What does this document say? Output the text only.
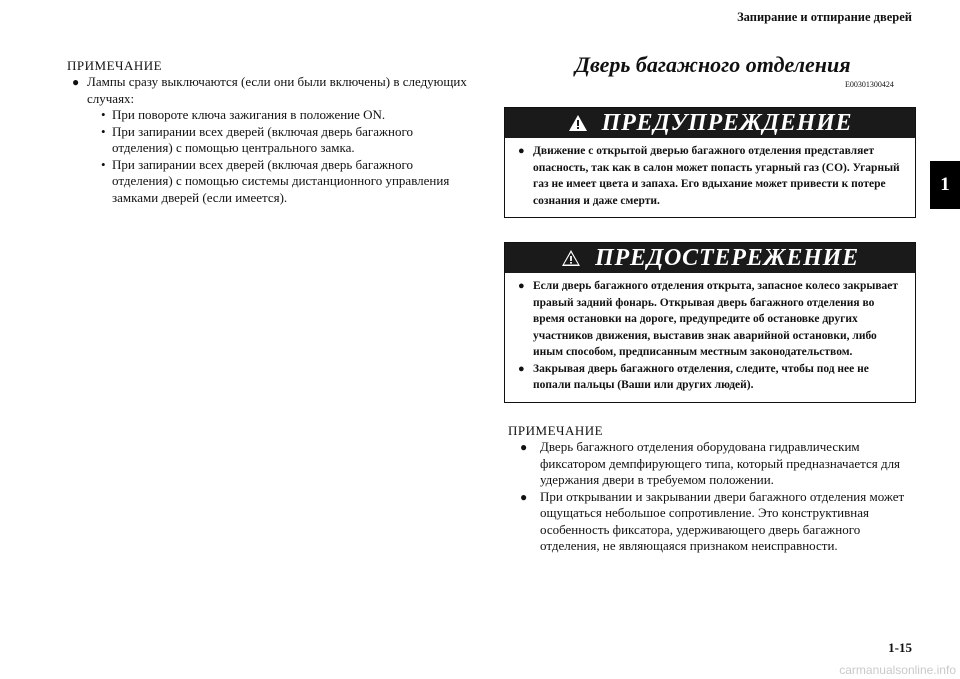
Запирание и отпирание дверей
1
ПРИМЕЧАНИЕ
● Лампы сразу выключаются (если они были включены) в следующих случаях:
• При повороте ключа зажигания в положение ON.
• При запирании всех дверей (включая дверь багажного отделения) с помощью центрального замка.
• При запирании всех дверей (включая дверь багажного отделения) с помощью системы дистанционного управления замками дверей (если имеется).
Дверь багажного отделения
E00301300424
ПРЕДУПРЕЖДЕНИЕ
● Движение с открытой дверью багажного отделения представляет опасность, так как в салон может попасть угарный газ (CO). Угарный газ не имеет цвета и запаха. Его вдыхание может привести к потере сознания и даже смерти.
ПРЕДОСТЕРЕЖЕНИЕ
● Если дверь багажного отделения открыта, запасное колесо закрывает правый задний фонарь. Открывая дверь багажного отделения во время остановки на дороге, предупредите об остановке других участников движения, выставив знак аварийной остановки, либо иным способом, предписанным местным законодательством.
● Закрывая дверь багажного отделения, следите, чтобы под нее не попали пальцы (Ваши или других людей).
ПРИМЕЧАНИЕ
● Дверь багажного отделения оборудована гидравлическим фиксатором демпфирующего типа, который предназначается для удержания двери в требуемом положении.
● При открывании и закрывании двери багажного отделения может ощущаться небольшое сопротивление. Это конструктивная особенность фиксатора, удерживающего дверь багажного отделения, не являющаяся признаком неисправности.
1-15
carmanualsonline.info
